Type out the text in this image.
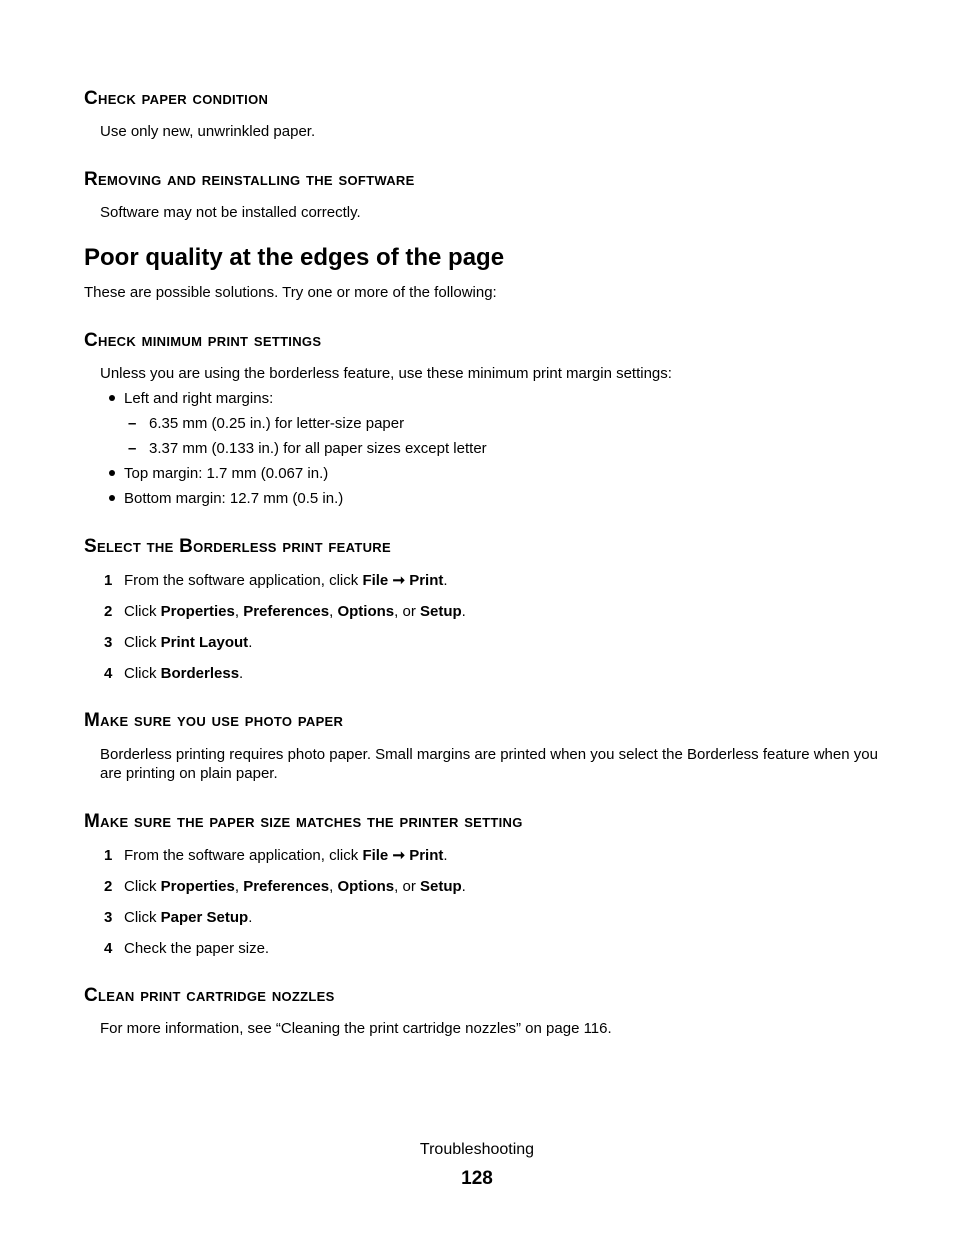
Check paper condition
Use only new, unwrinkled paper.
Removing and reinstalling the software
Software may not be installed correctly.
Poor quality at the edges of the page
These are possible solutions. Try one or more of the following:
Check minimum print settings
Unless you are using the borderless feature, use these minimum print margin settings:
Left and right margins:
– 6.35 mm (0.25 in.) for letter-size paper
– 3.37 mm (0.133 in.) for all paper sizes except letter
Top margin: 1.7 mm (0.067 in.)
Bottom margin: 12.7 mm (0.5 in.)
Select the Borderless print feature
1 From the software application, click File ➞ Print.
2 Click Properties, Preferences, Options, or Setup.
3 Click Print Layout.
4 Click Borderless.
Make sure you use photo paper
Borderless printing requires photo paper. Small margins are printed when you select the Borderless feature when you are printing on plain paper.
Make sure the paper size matches the printer setting
1 From the software application, click File ➞ Print.
2 Click Properties, Preferences, Options, or Setup.
3 Click Paper Setup.
4 Check the paper size.
Clean print cartridge nozzles
For more information, see “Cleaning the print cartridge nozzles” on page 116.
Troubleshooting
128
